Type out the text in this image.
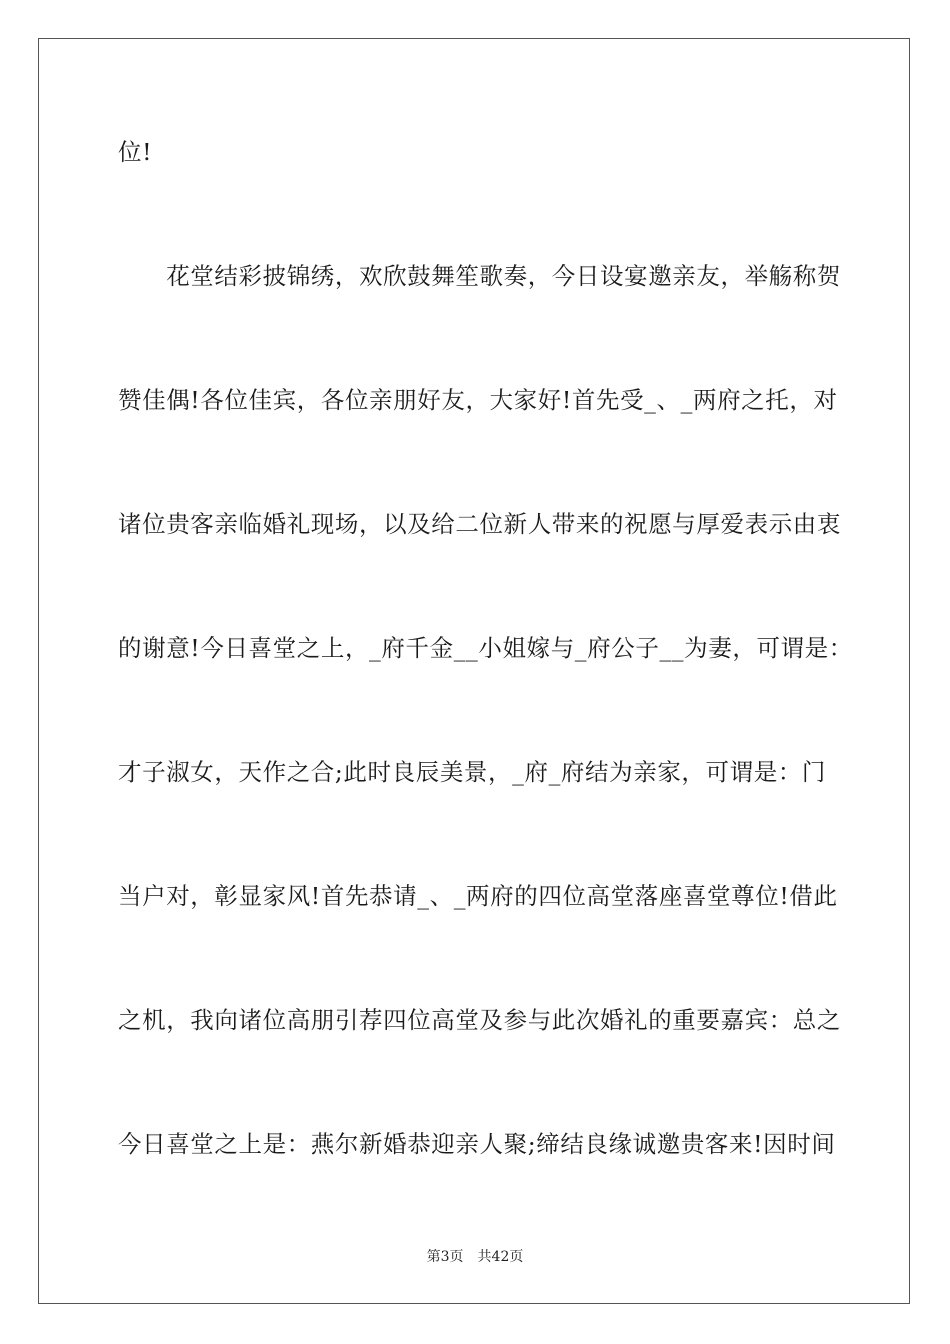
位!
　　花堂结彩披锦绣，欢欣鼓舞笙歌奏，今日设宴邀亲友，举觞称贺
赞佳偶!各位佳宾，各位亲朋好友，大家好!首先受_、_两府之托，对
诸位贵客亲临婚礼现场，以及给二位新人带来的祝愿与厚爱表示由衷
的谢意!今日喜堂之上，_府千金__小姐嫁与_府公子__为妻，可谓是：
才子淑女，天作之合;此时良辰美景，_府_府结为亲家，可谓是：门
当户对，彰显家风!首先恭请_、_两府的四位高堂落座喜堂尊位!借此
之机，我向诸位高朋引荐四位高堂及参与此次婚礼的重要嘉宾：总之
今日喜堂之上是：燕尔新婚恭迎亲人聚;缔结良缘诚邀贵客来!因时间
第3页　共42页
